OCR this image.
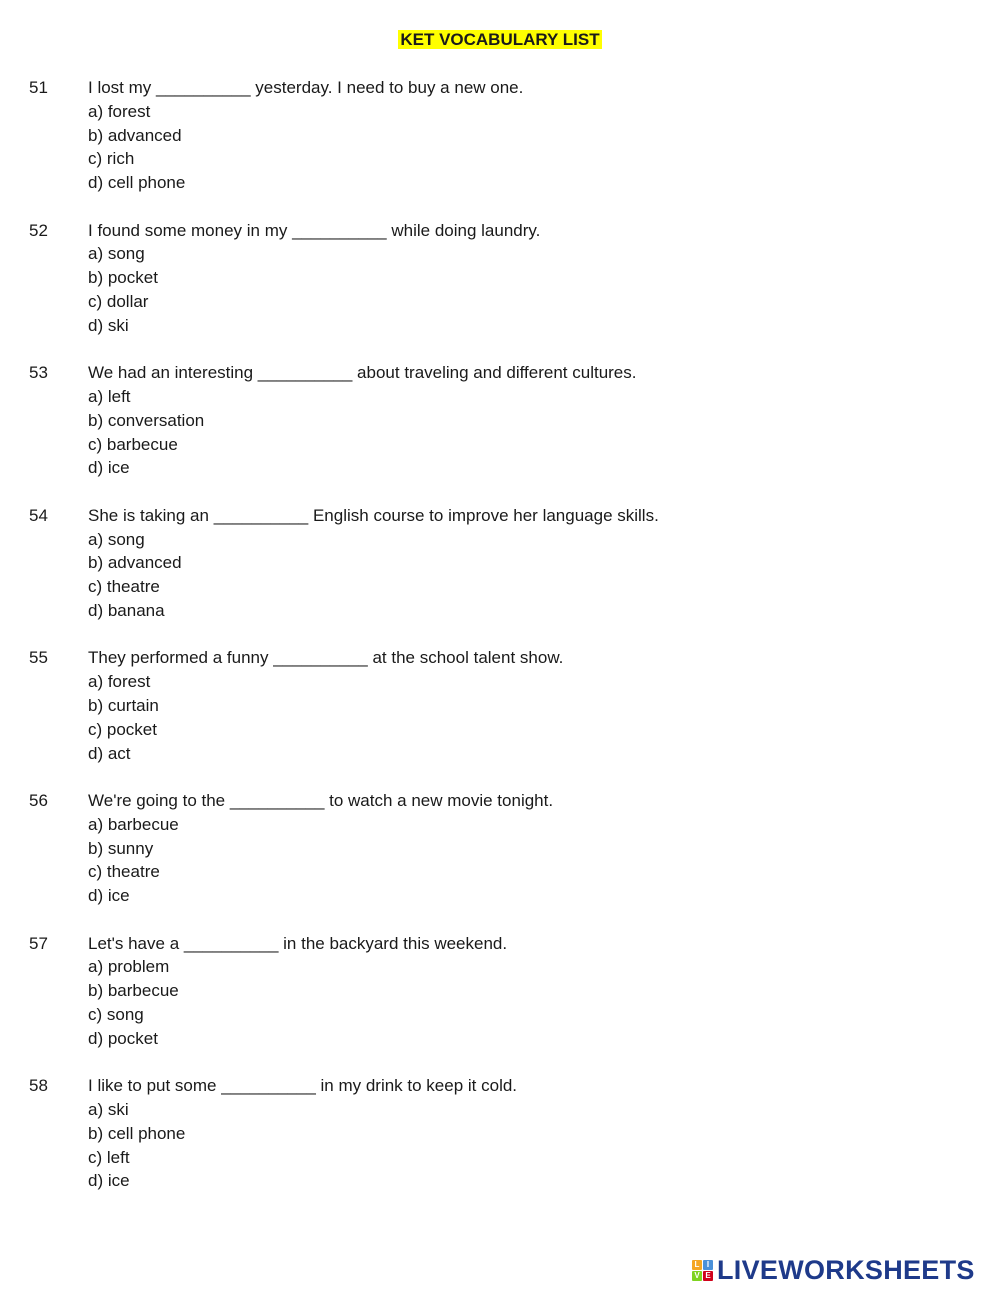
KET VOCABULARY LIST
51 I lost my __________ yesterday. I need to buy a new one.
a) forest
b) advanced
c) rich
d) cell phone
52 I found some money in my __________ while doing laundry.
a) song
b) pocket
c) dollar
d) ski
53 We had an interesting __________ about traveling and different cultures.
a) left
b) conversation
c) barbecue
d) ice
54 She is taking an __________ English course to improve her language skills.
a) song
b) advanced
c) theatre
d) banana
55 They performed a funny __________ at the school talent show.
a) forest
b) curtain
c) pocket
d) act
56 We're going to the __________ to watch a new movie tonight.
a) barbecue
b) sunny
c) theatre
d) ice
57 Let's have a __________ in the backyard this weekend.
a) problem
b) barbecue
c) song
d) pocket
58 I like to put some __________ in my drink to keep it cold.
a) ski
b) cell phone
c) left
d) ice
L I
V E LIVEWORKSHEETS
